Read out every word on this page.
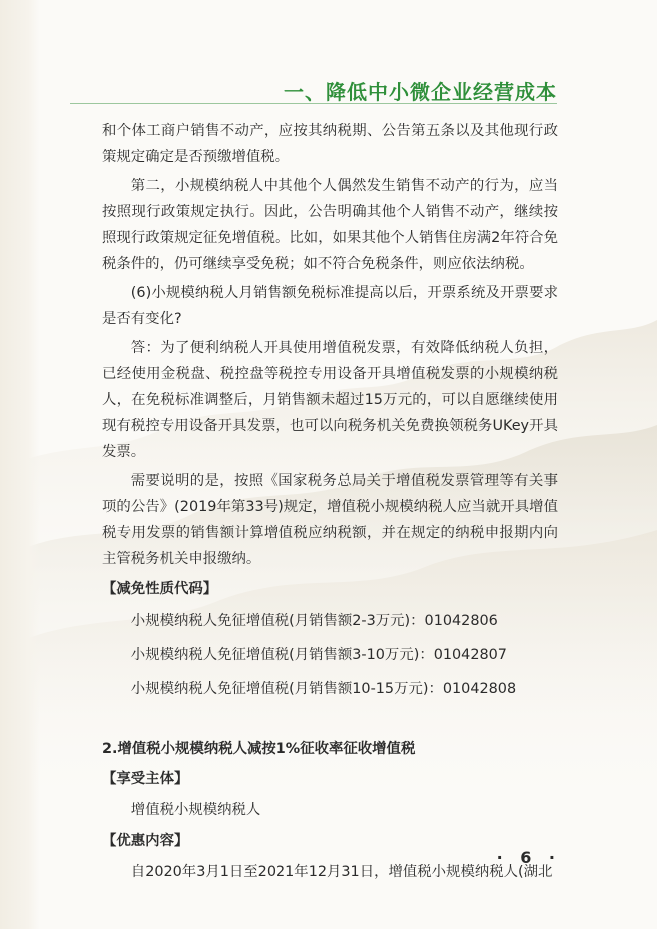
一、降低中小微企业经营成本

和个体工商户销售不动产，应按其纳税期、公告第五条以及其他现行政策规定确定是否预缴增值税。

第二，小规模纳税人中其他个人偶然发生销售不动产的行为，应当按照现行政策规定执行。因此，公告明确其他个人销售不动产，继续按照现行政策规定征免增值税。比如，如果其他个人销售住房满2年符合免税条件的，仍可继续享受免税；如不符合免税条件，则应依法纳税。

(6)小规模纳税人月销售额免税标准提高以后，开票系统及开票要求是否有变化?

答：为了便利纳税人开具使用增值税发票，有效降低纳税人负担，已经使用金税盘、税控盘等税控专用设备开具增值税发票的小规模纳税人，在免税标准调整后，月销售额未超过15万元的，可以自愿继续使用现有税控专用设备开具发票，也可以向税务机关免费换领税务UKey开具发票。

需要说明的是，按照《国家税务总局关于增值税发票管理等有关事项的公告》(2019年第33号)规定，增值税小规模纳税人应当就开具增值税专用发票的销售额计算增值税应纳税额，并在规定的纳税申报期内向主管税务机关申报缴纳。

【减免性质代码】

小规模纳税人免征增值税(月销售额2-3万元)：01042806

小规模纳税人免征增值税(月销售额3-10万元)：01042807

小规模纳税人免征增值税(月销售额10-15万元)：01042808

2.增值税小规模纳税人减按1%征收率征收增值税
【享受主体】

增值税小规模纳税人

【优惠内容】

自2020年3月1日至2021年12月31日，增值税小规模纳税人(湖北

· 6 ·
